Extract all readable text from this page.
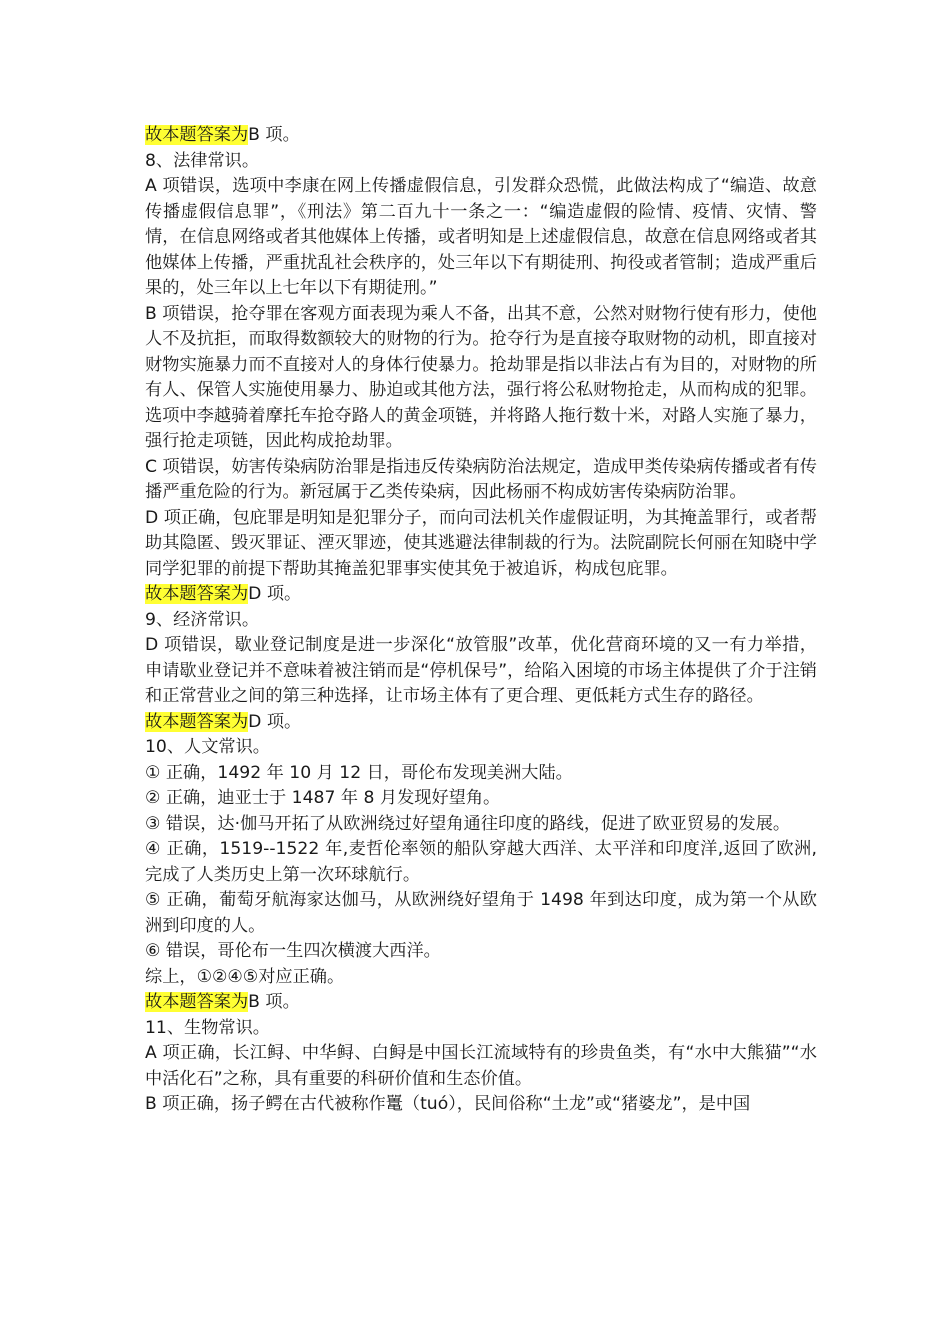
故本题答案为B 项。

8、法律常识。

A 项错误，选项中李康在网上传播虚假信息，引发群众恐慌，此做法构成了“编造、故意传播虚假信息罪”，《刑法》第二百九十一条之一：“编造虚假的险情、疫情、灾情、警情，在信息网络或者其他媒体上传播，或者明知是上述虚假信息，故意在信息网络或者其他媒体上传播，严重扰乱社会秩序的，处三年以下有期徒刑、拘役或者管制；造成严重后果的，处三年以上七年以下有期徒刑。”

B 项错误，抢夺罪在客观方面表现为乘人不备，出其不意，公然对财物行使有形力，使他人不及抗拒，而取得数额较大的财物的行为。抢夺行为是直接夺取财物的动机，即直接对财物实施暴力而不直接对人的身体行使暴力。抢劫罪是指以非法占有为目的，对财物的所有人、保管人实施使用暴力、胁迫或其他方法，强行将公私财物抢走，从而构成的犯罪。选项中李越骑着摩托车抢夺路人的黄金项链，并将路人拖行数十米，对路人实施了暴力，强行抢走项链，因此构成抢劫罪。

C 项错误，妨害传染病防治罪是指违反传染病防治法规定，造成甲类传染病传播或者有传播严重危险的行为。新冠属于乙类传染病，因此杨丽不构成妨害传染病防治罪。

D 项正确，包庇罪是明知是犯罪分子，而向司法机关作虚假证明，为其掩盖罪行，或者帮助其隐匿、毁灭罪证、湮灭罪迹，使其逃避法律制裁的行为。法院副院长何丽在知晓中学同学犯罪的前提下帮助其掩盖犯罪事实使其免于被追诉，构成包庇罪。

故本题答案为D 项。

9、经济常识。

D 项错误，歇业登记制度是进一步深化“放管服”改革，优化营商环境的又一有力举措，申请歇业登记并不意味着被注销而是“停机保号”，给陷入困境的市场主体提供了介于注销和正常营业之间的第三种选择，让市场主体有了更合理、更低耗方式生存的路径。

故本题答案为D 项。

10、人文常识。

① 正确，1492 年 10 月 12 日，哥伦布发现美洲大陆。

② 正确，迪亚士于 1487 年 8 月发现好望角。

③ 错误，达·伽马开拓了从欧洲绕过好望角通往印度的路线，促进了欧亚贸易的发展。

④ 正确，1519--1522 年,麦哲伦率领的船队穿越大西洋、太平洋和印度洋,返回了欧洲,完成了人类历史上第一次环球航行。

⑤ 正确，葡萄牙航海家达伽马，从欧洲绕好望角于 1498 年到达印度，成为第一个从欧洲到印度的人。

⑥ 错误，哥伦布一生四次横渡大西洋。

综上，①②④⑤对应正确。

故本题答案为B 项。

11、生物常识。

A 项正确，长江鲟、中华鲟、白鲟是中国长江流域特有的珍贵鱼类，有“水中大熊猫”“水中活化石”之称，具有重要的科研价值和生态价值。

B 项正确，扬子鳄在古代被称作鼍（tuó），民间俗称“土龙”或“猪婆龙”，是中国
